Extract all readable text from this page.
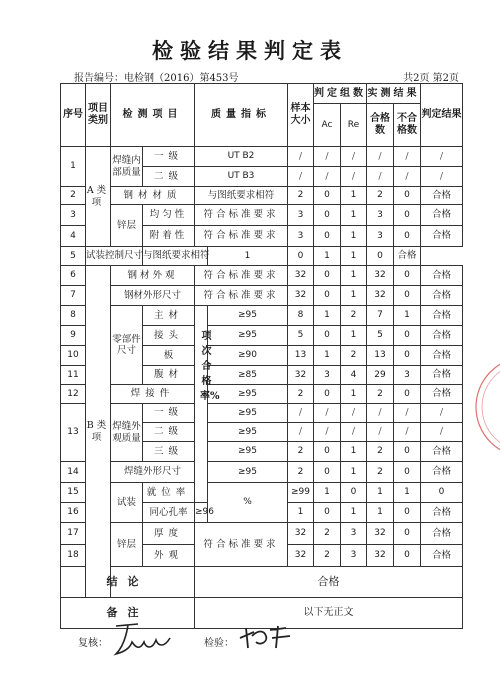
检验结果判定表
报告编号：电检钢（2016）第453号	共2页 第2页
序号	项目类别	检测项目		质量指标		样本大小	判定组数		实测结果		判定结果	
							Ac	Re	合格数	不合格数		
1	A类项	焊缝内部质量	一级	UT B2		/	/	/	/	/	/	
			二级	UT B3		/	/	/	/	/	/	
2		钢材材质		与图纸要求相符		2	0	1	2	0	合格	
3		锌层	均匀性	符合标准要求		3	0	1	3	0	合格	
4			附着性	符合标准要求		3	0	1	3	0	合格	
5	试装控制尺寸		与图纸要求相符		1	0	1	1	0	合格		
6	B类项	钢材外观		符合标准要求		32	0	1	32	0	合格	
7		钢材外形尺寸		符合标准要求		32	0	1	32	0	合格	
8		零部件尺寸	主材		≥95	8	1	2	7	1	合格	
9			接头		≥95	5	0	1	5	0	合格	
10			板		≥90	13	1	2	13	0	合格	
11			腹材		≥85	32	3	4	29	3	合格	
12		焊接件			≥95	2	0	1	2	0	合格	
13		焊缝外观质量	一级		≥95	/	/	/	/	/	/	
			二级		≥95	/	/	/	/	/	/	
			三级		≥95	2	0	1	2	0	合格	
14		焊缝外形尺寸			≥95	2	0	1	2	0	合格	
15		试装	就位率		%	≥99	1	0	1	1	0	
16			同心孔率	≥96		1	0	1	1	0	合格	
17		锌层	厚度	符合标准要求		32	2	3	32	0	合格	
18			外观			32	2	3	32	0	合格	
结论				合格								
备注				以下无正文								
项次合格率%
复核：	检验：
